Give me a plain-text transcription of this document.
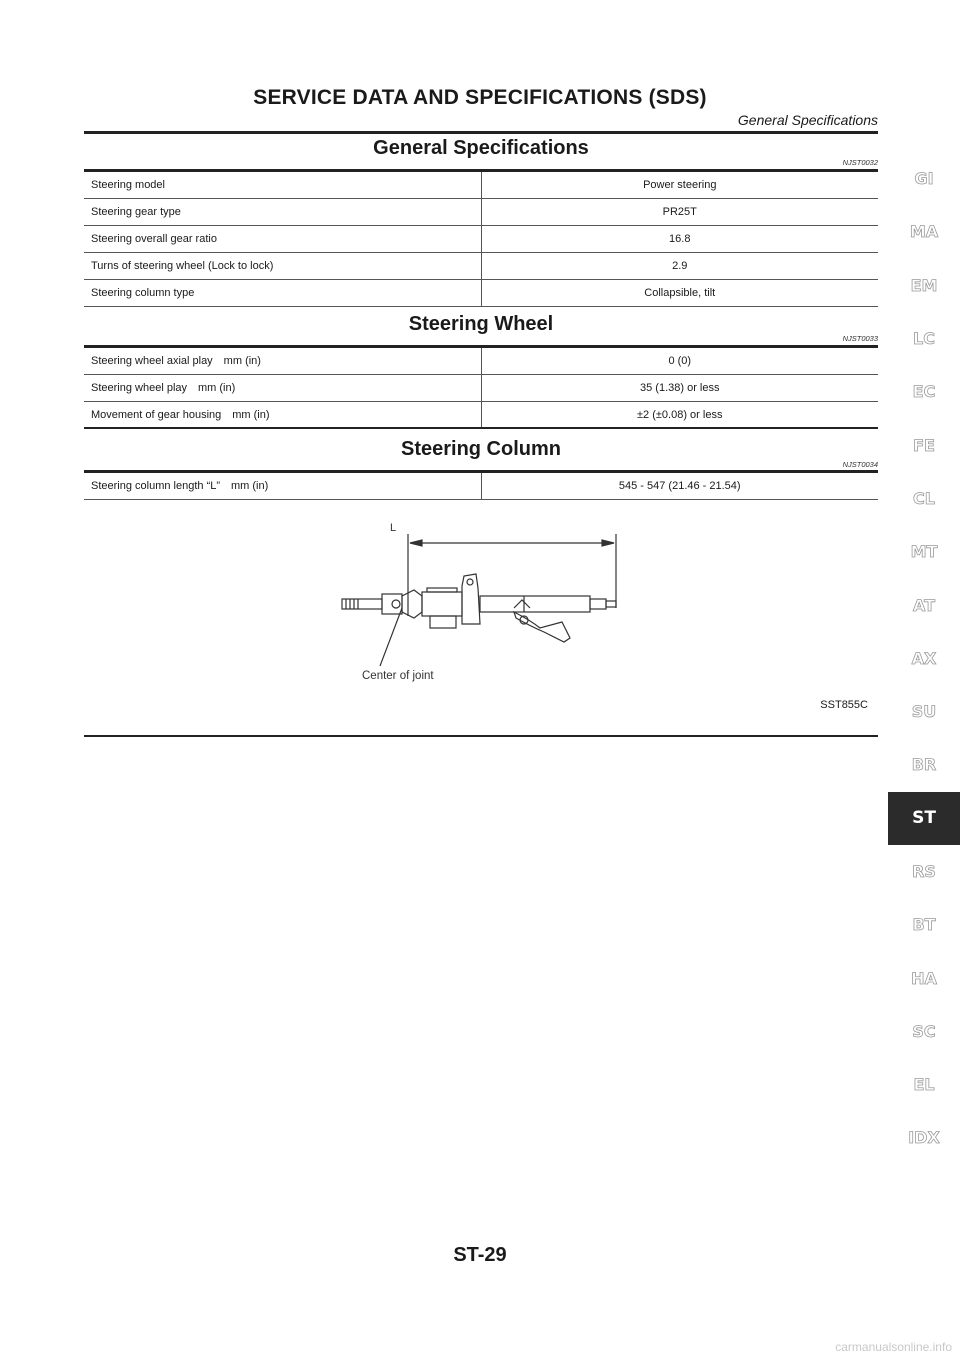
SERVICE DATA AND SPECIFICATIONS (SDS)
General Specifications
General Specifications
NJST0032
Steering model	Power steering
Steering gear type	PR25T
Steering overall gear ratio	16.8
Turns of steering wheel (Lock to lock)	2.9
Steering column type	Collapsible, tilt
Steering Wheel
NJST0033
Steering wheel axial play mm (in)	0 (0)
Steering wheel play mm (in)	35 (1.38) or less
Movement of gear housing mm (in)	±2 (±0.08) or less
Steering Column
NJST0034
Steering column length “L” mm (in)	545 - 547 (21.46 - 21.54)
L
Center of joint
SST855C
GI
MA
EM
LC
EC
FE
CL
MT
AT
AX
SU
BR
ST
RS
BT
HA
SC
EL
IDX
ST-29
carmanualsonline.info
